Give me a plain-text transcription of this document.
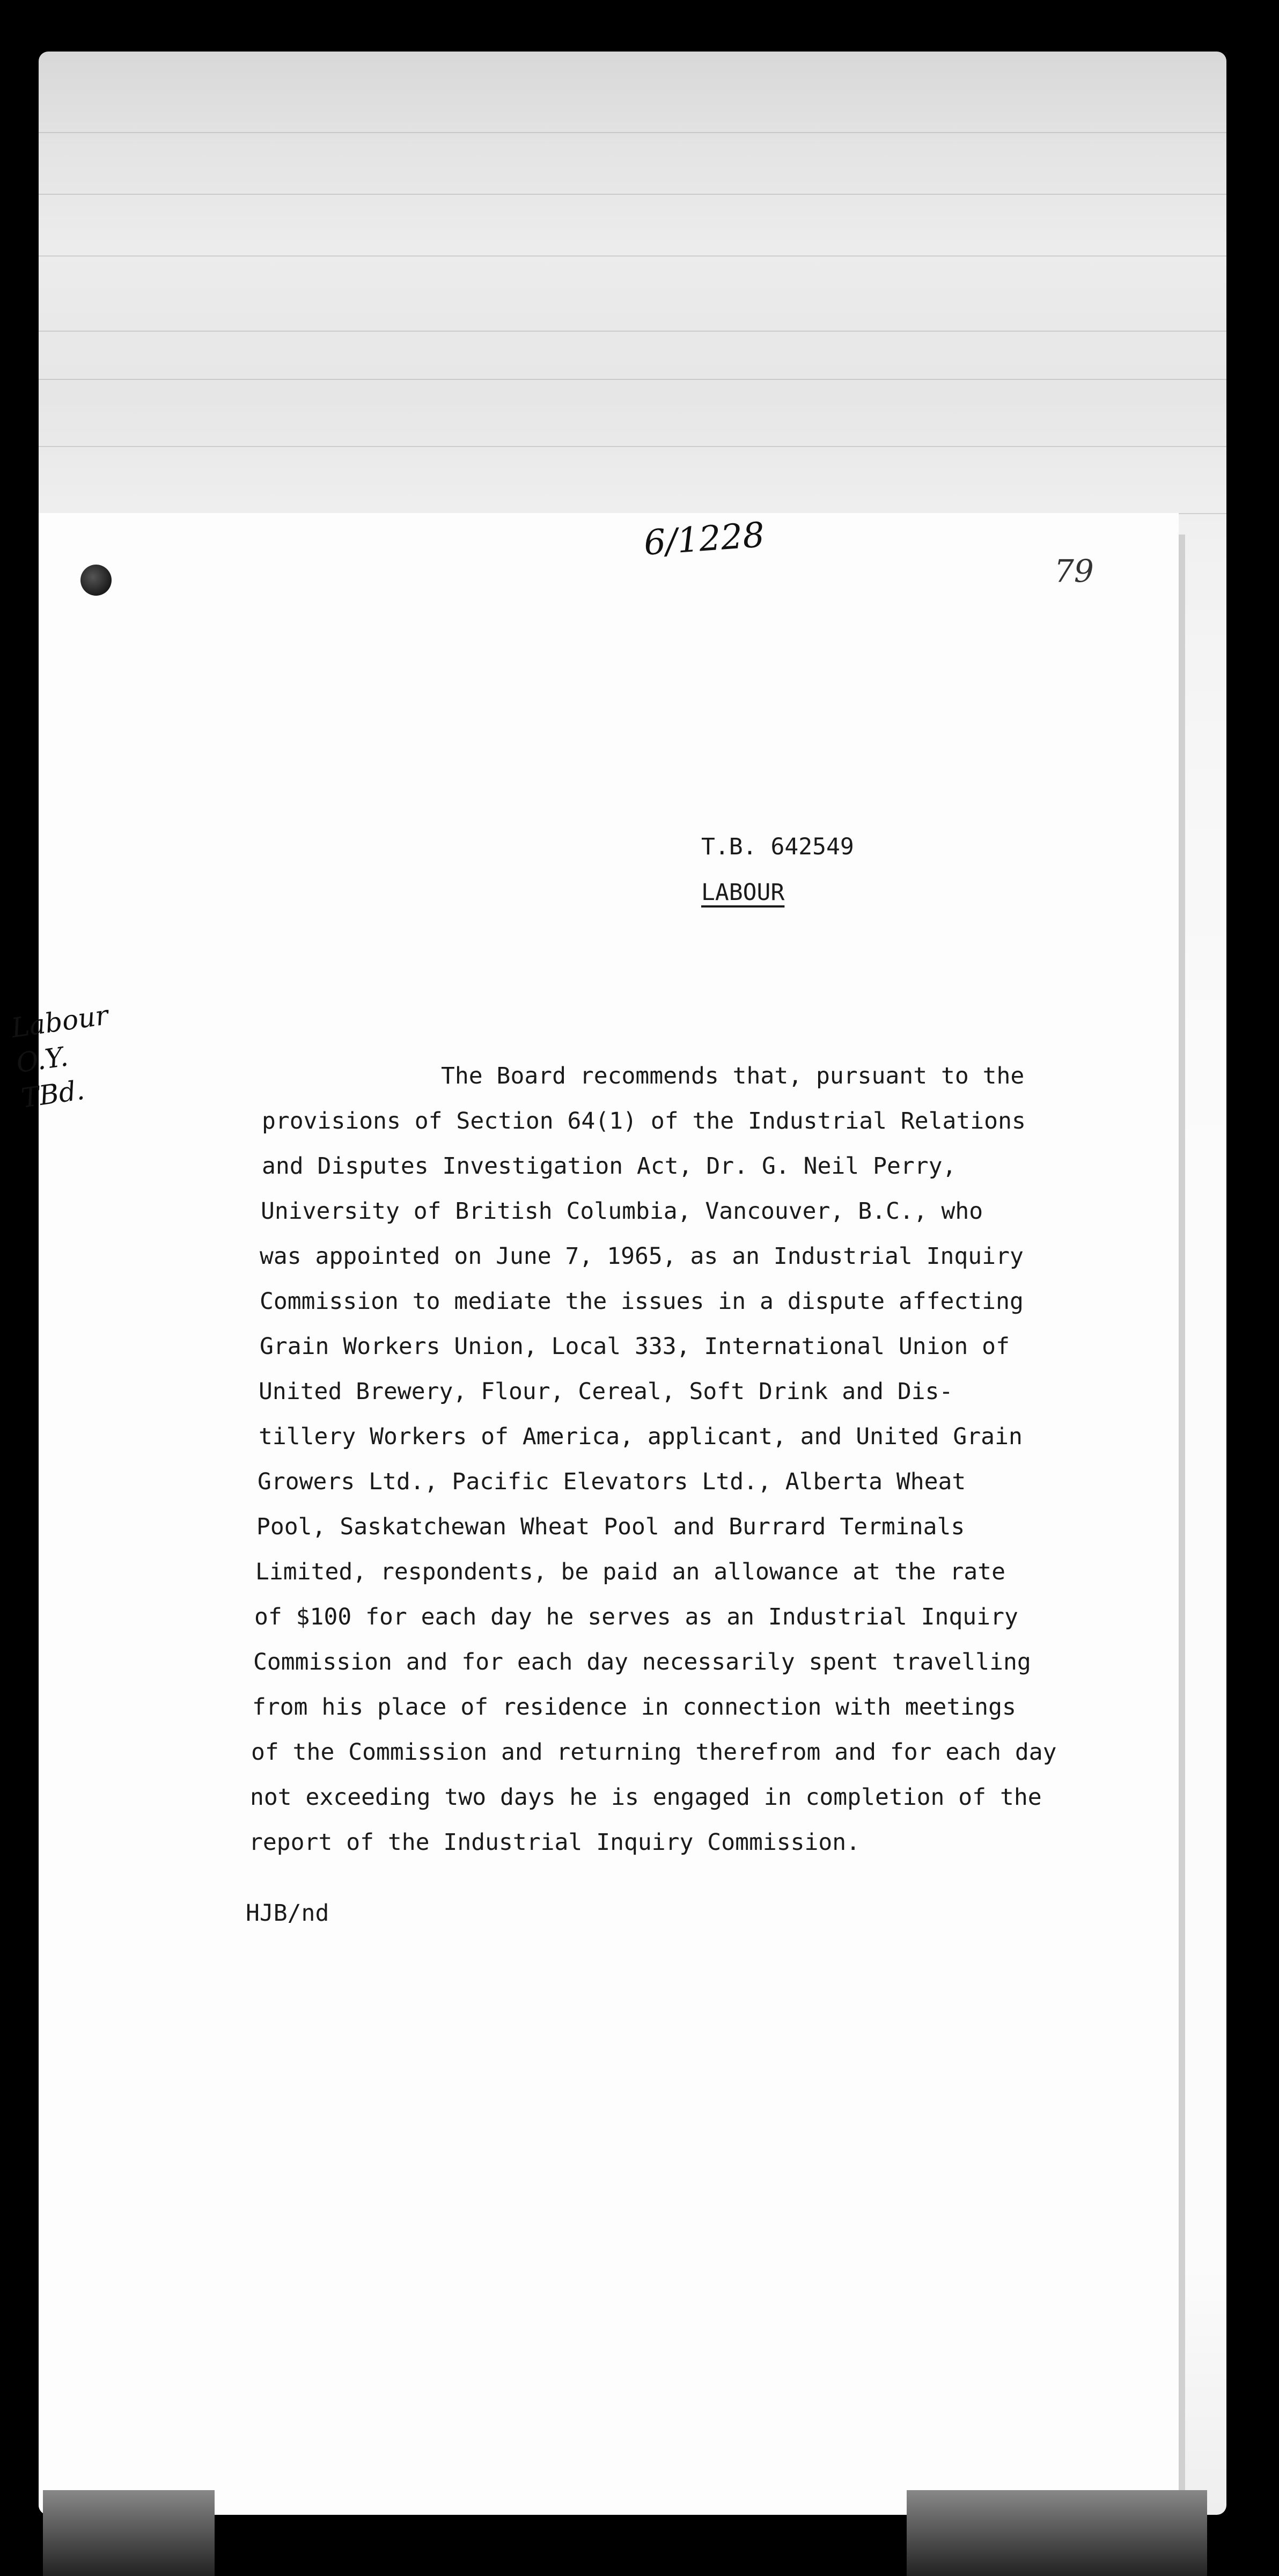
6/1228
79
Labour
O.Y.
TBd.
T.B. 642549
LABOUR
The Board recommends that, pursuant to the
provisions of Section 64(1) of the Industrial Relations
and Disputes Investigation Act, Dr. G. Neil Perry,
University of British Columbia, Vancouver, B.C., who
was appointed on June 7, 1965, as an Industrial Inquiry
Commission to mediate the issues in a dispute affecting
Grain Workers Union, Local 333, International Union of
United Brewery, Flour, Cereal, Soft Drink and Dis-
tillery Workers of America, applicant, and United Grain
Growers Ltd., Pacific Elevators Ltd., Alberta Wheat
Pool, Saskatchewan Wheat Pool and Burrard Terminals
Limited, respondents, be paid an allowance at the rate
of $100 for each day he serves as an Industrial Inquiry
Commission and for each day necessarily spent travelling
from his place of residence in connection with meetings
of the Commission and returning therefrom and for each day
not exceeding two days he is engaged in completion of the
report of the Industrial Inquiry Commission.
HJB/nd
